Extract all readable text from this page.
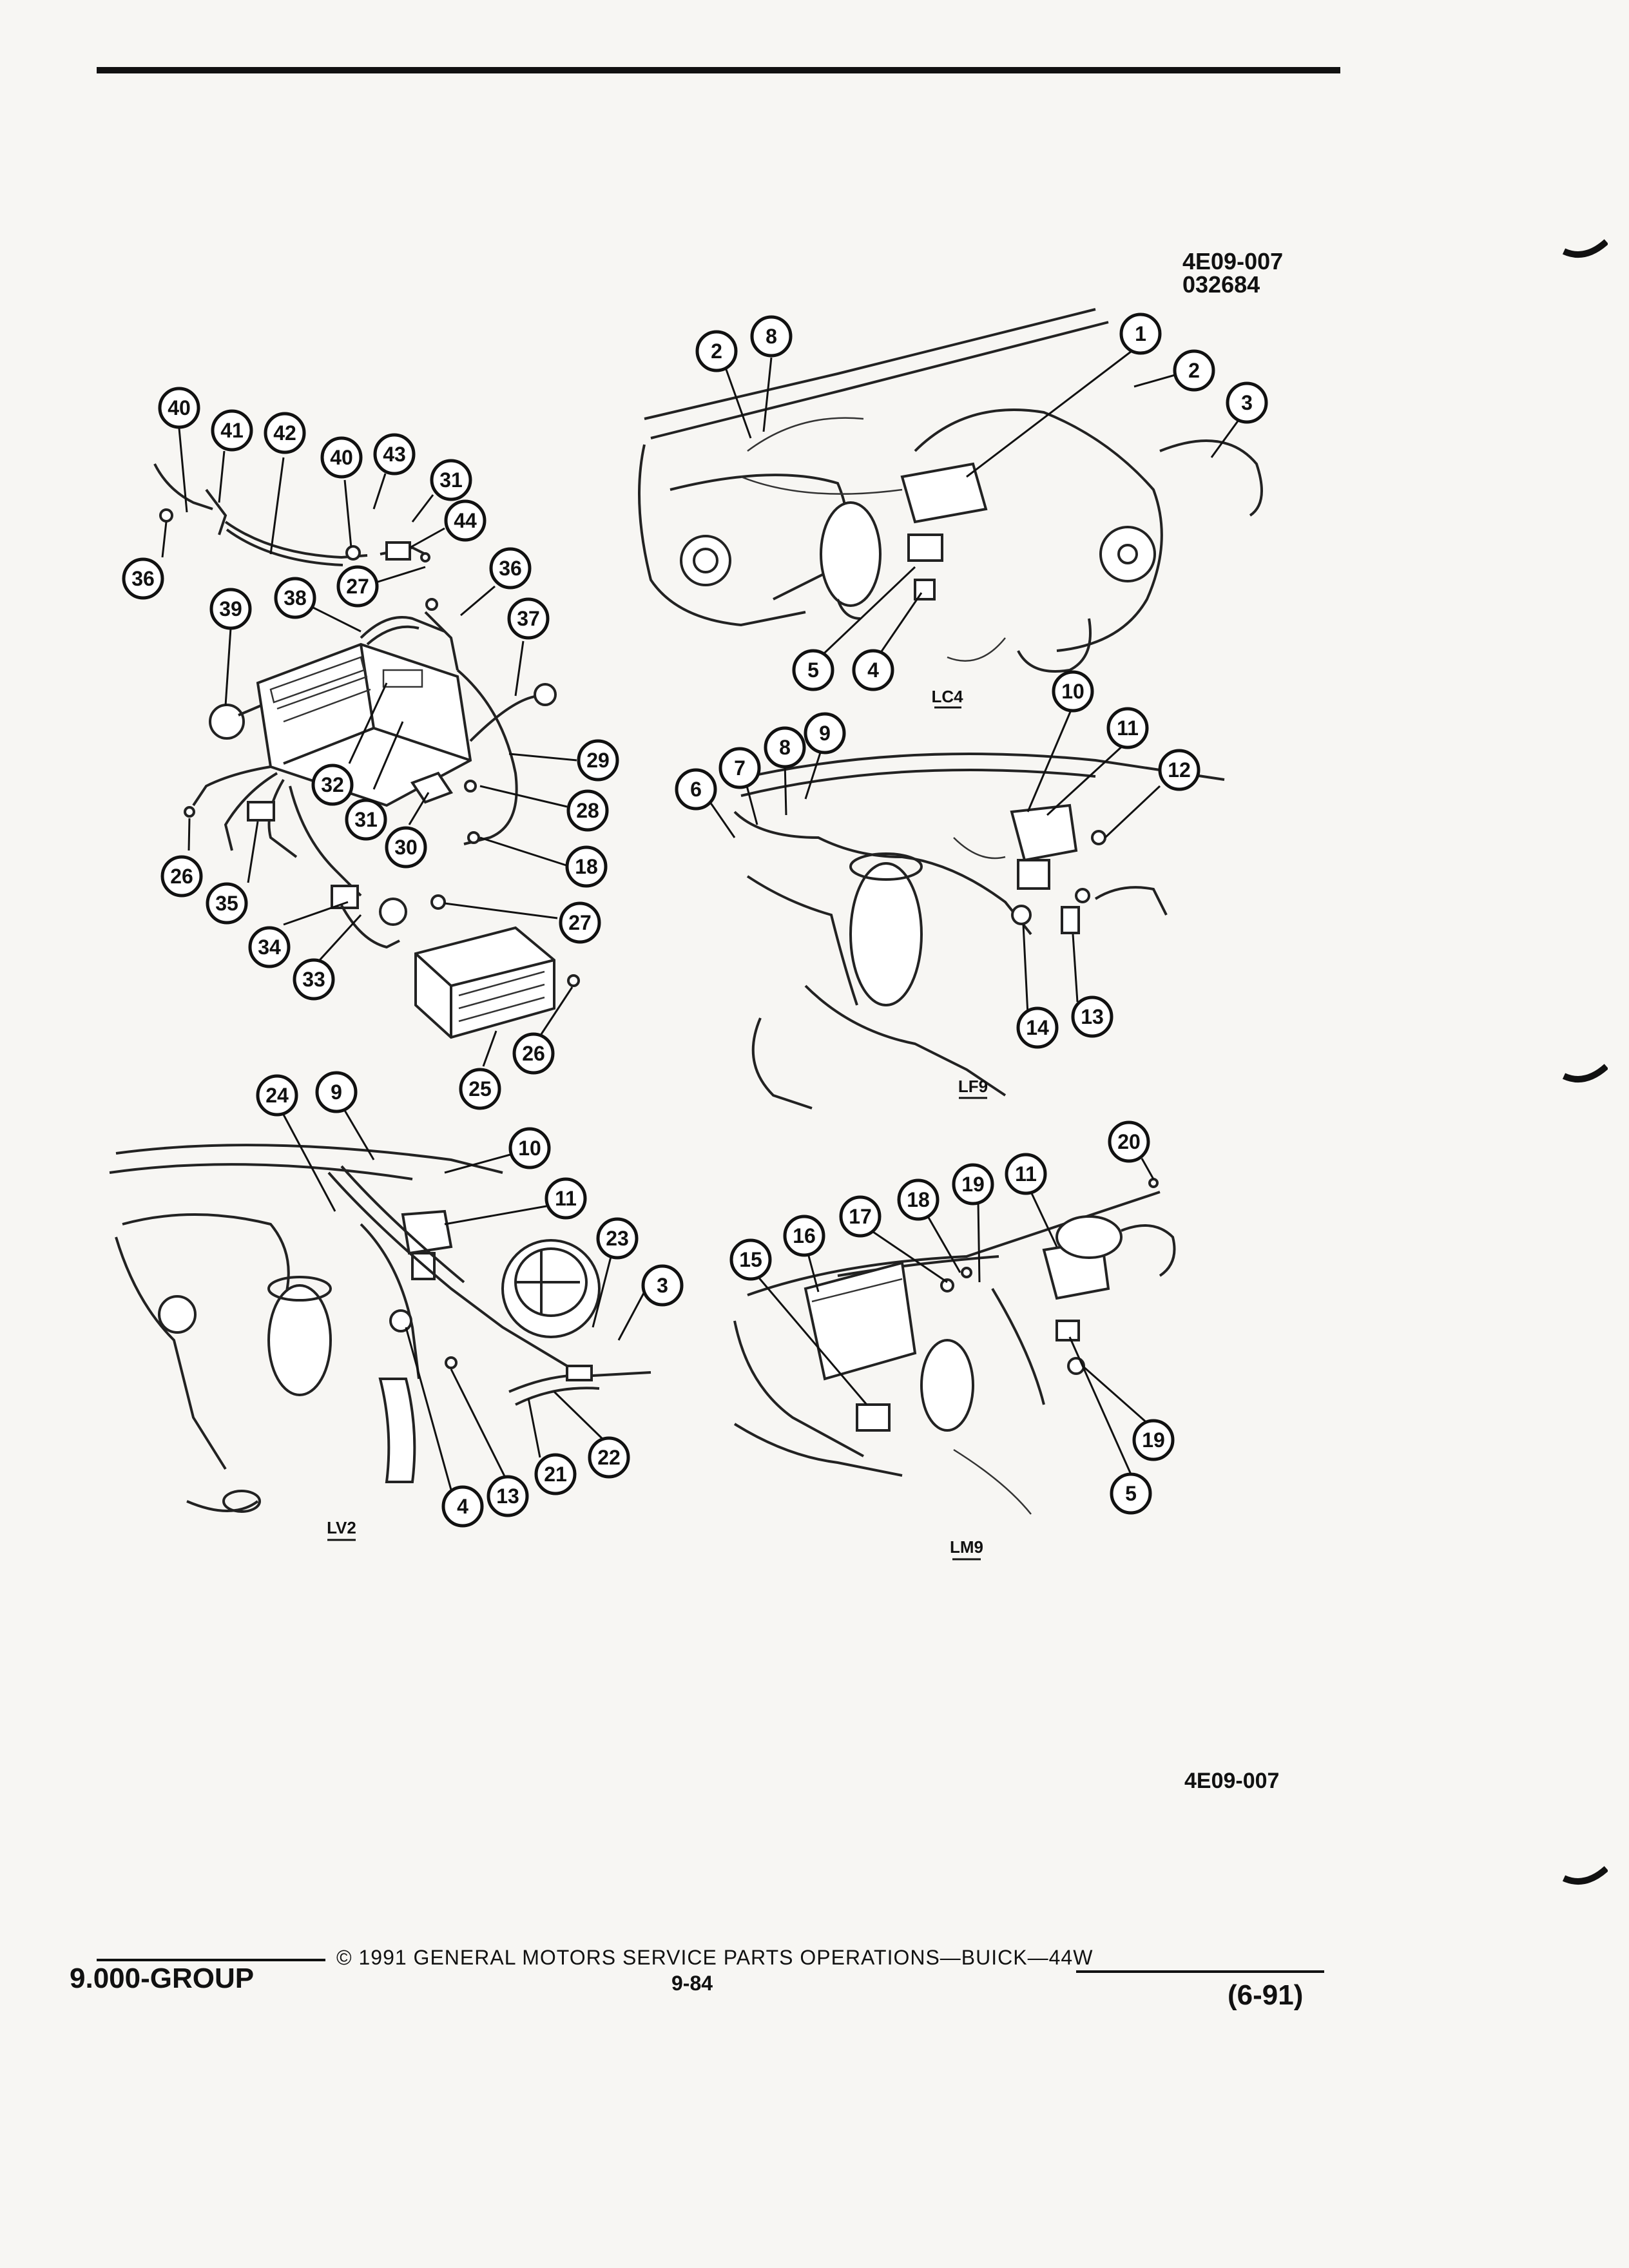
4E09-007
032684
40
41 42
40 43
31
44
36	27
36
39 38
37
29
32
28
31
30
18
26
35
27
34
33
25
26
2
8	1
2
3
5 4
LC4	10
11
9
8
7
6
12
14 13
LF9
24 9
10
11
23
3
22
21
13
4
LV2
20
18
19 11
17
16
15
19
5
LM9
4E09-007
© 1991 GENERAL MOTORS SERVICE PARTS OPERATIONS—BUICK—44W
9.000-GROUP	9-84	(6-91)
